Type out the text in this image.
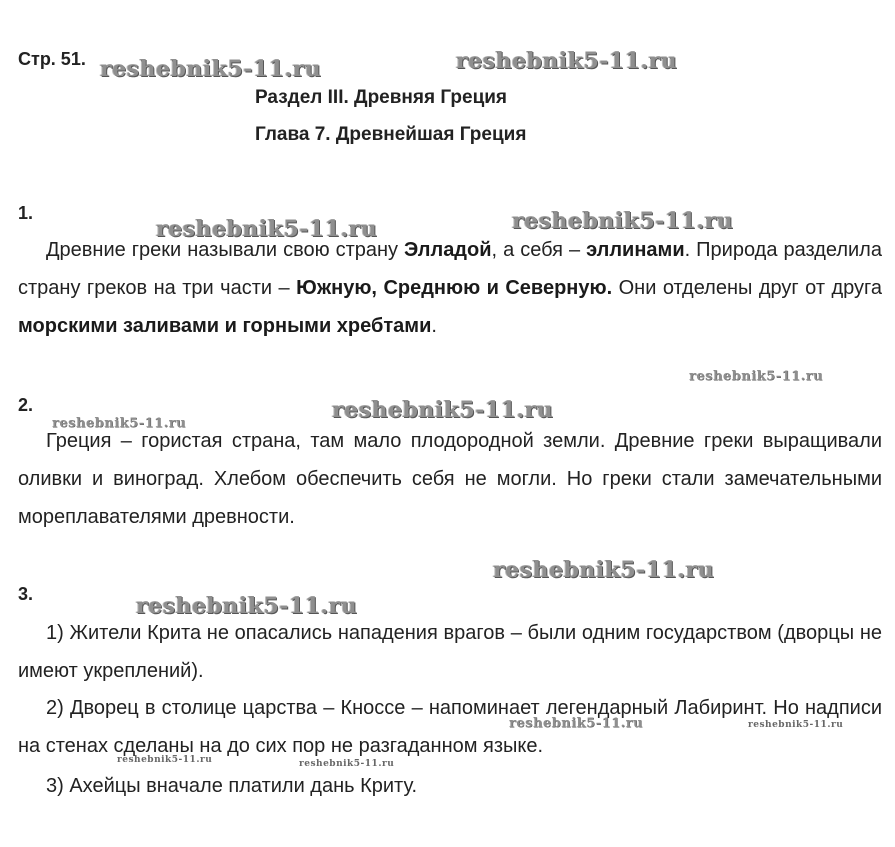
reshebnik5-11.ru	reshebnik5-11.ru
reshebnik5-11.ru	reshebnik5-11.ru
reshebnik5-11.ru
reshebnik5-11.ru
reshebnik5-11.ru
reshebnik5-11.ru
reshebnik5-11.ru
reshebnik5-11.ru	reshebnik5-11.ru
reshebnik5-11.ru	reshebnik5-11.ru
Стр. 51.
Раздел III. Древняя Греция
Глава 7. Древнейшая Греция
1.
Древние греки называли свою страну Элладой, а себя – эллинами. Природа разделила страну греков на три части – Южную, Среднюю и Северную. Они отделены друг от друга морскими заливами и горными хребтами.
2.
Греция – гористая страна, там мало плодородной земли. Древние греки выращивали оливки и виноград. Хлебом обеспечить себя не могли. Но греки стали замечательными мореплавателями древности.
3.
1) Жители Крита не опасались нападения врагов – были одним государством (дворцы не имеют укреплений).
2) Дворец в столице царства – Кноссе – напоминает легендарный Лабиринт. Но надписи на стенах сделаны на до сих пор не разгаданном языке.
3) Ахейцы вначале платили дань Криту.
